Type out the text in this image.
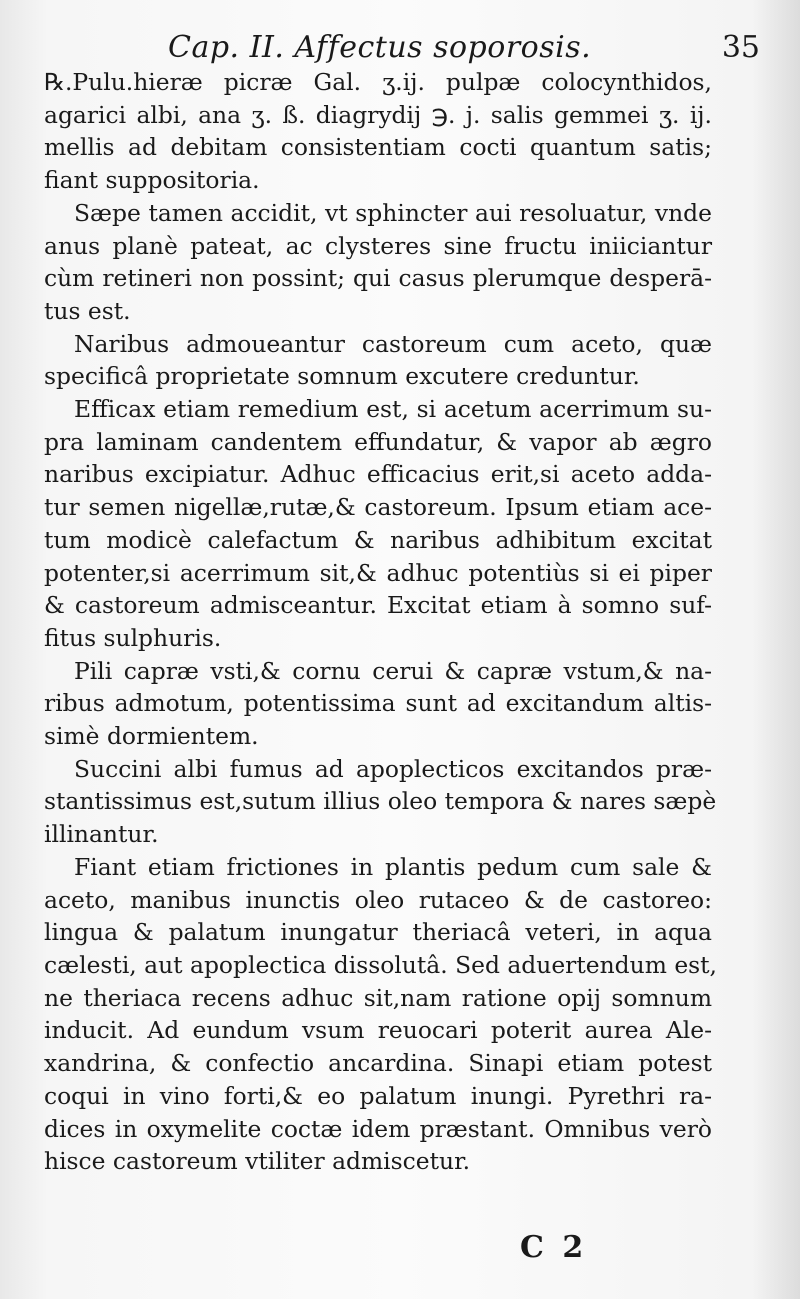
Cap. II. Affectus soporosis.	35
℞.Pulu.hieræ picræ Gal. ʒ.ij. pulpæ colocynthidos,
agarici albi, ana ʒ. ß. diagrydij ℈. j. salis gemmei ʒ. ij.
mellis ad debitam consistentiam cocti quantum satis;
fiant suppositoria.
Sæpe tamen accidit, vt sphincter aui resoluatur, vnde
anus planè pateat, ac clysteres sine fructu iniiciantur
cùm retineri non possint; qui casus plerumque desperā-
tus est.
Naribus admoueantur castoreum cum aceto, quæ
specificâ proprietate somnum excutere creduntur.
Efficax etiam remedium est, si acetum acerrimum su-
pra laminam candentem effundatur, & vapor ab ægro
naribus excipiatur. Adhuc efficacius erit,si aceto adda-
tur semen nigellæ,rutæ,& castoreum. Ipsum etiam ace-
tum modicè calefactum & naribus adhibitum excitat
potenter,si acerrimum sit,& adhuc potentiùs si ei piper
& castoreum admisceantur. Excitat etiam à somno suf-
fitus sulphuris.
Pili capræ vsti,& cornu cerui & capræ vstum,& na-
ribus admotum, potentissima sunt ad excitandum altis-
simè dormientem.
Succini albi fumus ad apoplecticos excitandos præ-
stantissimus est,sutum illius oleo tempora & nares sæpè
illinantur.
Fiant etiam frictiones in plantis pedum cum sale &
aceto, manibus inunctis oleo rutaceo & de castoreo:
lingua & palatum inungatur theriacâ veteri, in aqua
cælesti, aut apoplectica dissolutâ. Sed aduertendum est,
ne theriaca recens adhuc sit,nam ratione opij somnum
inducit. Ad eundum vsum reuocari poterit aurea Ale-
xandrina, & confectio ancardina. Sinapi etiam potest
coqui in vino forti,& eo palatum inungi. Pyrethri ra-
dices in oxymelite coctæ idem præstant. Omnibus verò
hisce castoreum vtiliter admiscetur.
C 2
